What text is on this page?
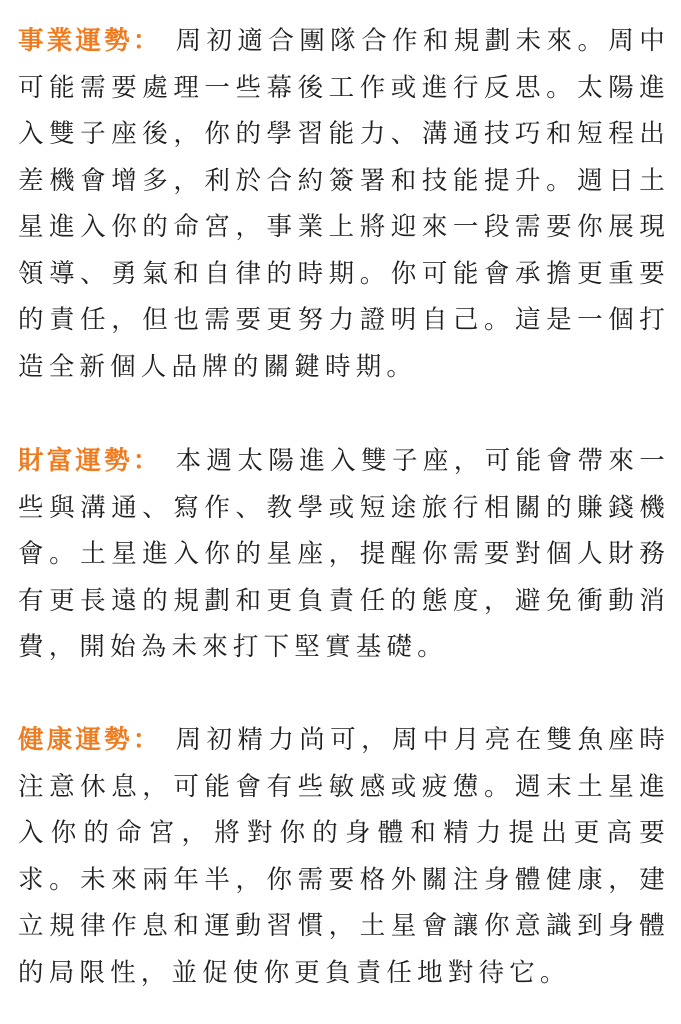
事業運勢： 周初適合團隊合作和規劃未來。周中可能需要處理一些幕後工作或進行反思。太陽進入雙子座後，你的學習能力、溝通技巧和短程出差機會增多，利於合約簽署和技能提升。週日土星進入你的命宮，事業上將迎來一段需要你展現領導、勇氣和自律的時期。你可能會承擔更重要的責任，但也需要更努力證明自己。這是一個打造全新個人品牌的關鍵時期。

財富運勢： 本週太陽進入雙子座，可能會帶來一些與溝通、寫作、教學或短途旅行相關的賺錢機會。土星進入你的星座，提醒你需要對個人財務有更長遠的規劃和更負責任的態度，避免衝動消費，開始為未來打下堅實基礎。

健康運勢： 周初精力尚可，周中月亮在雙魚座時注意休息，可能會有些敏感或疲憊。週末土星進入你的命宮，將對你的身體和精力提出更高要求。未來兩年半，你需要格外關注身體健康，建立規律作息和運動習慣，土星會讓你意識到身體的局限性，並促使你更負責任地對待它。
